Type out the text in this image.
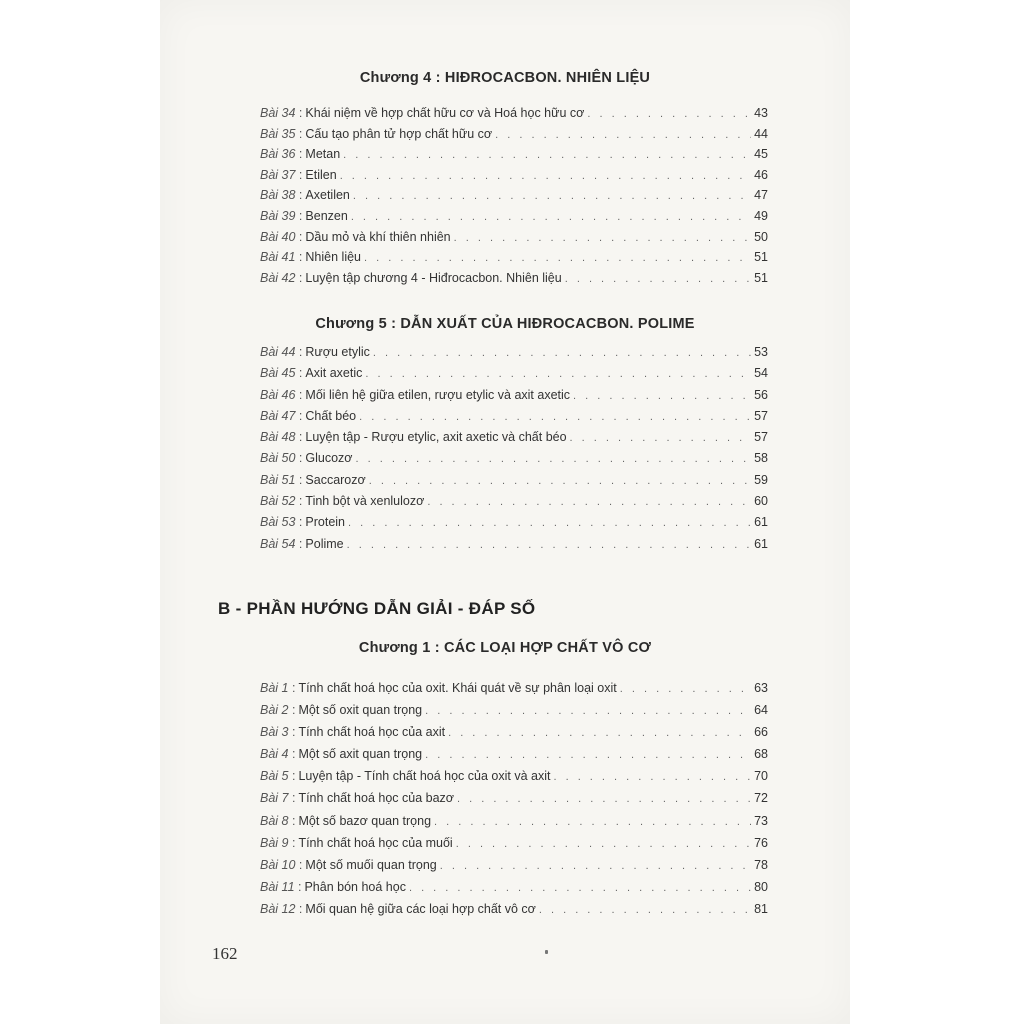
Chương 4 : HIĐROCACBON. NHIÊN LIỆU
Bài 34 : Khái niệm về hợp chất hữu cơ và Hoá học hữu cơ . . .	43
Bài 35 : Cấu tạo phân tử hợp chất hữu cơ . . .	44
Bài 36 : Metan . . .	45
Bài 37 : Etilen . . .	46
Bài 38 : Axetilen . . .	47
Bài 39 : Benzen . . .	49
Bài 40 : Dầu mỏ và khí thiên nhiên . . .	50
Bài 41 : Nhiên liệu . . .	51
Bài 42 : Luyện tập chương 4 - Hiđrocacbon. Nhiên liệu . . .	51
Chương 5 : DẪN XUẤT CỦA HIĐROCACBON. POLIME
Bài 44 : Rượu etylic . . .	53
Bài 45 : Axit axetic . . .	54
Bài 46 : Mối liên hệ giữa etilen, rượu etylic và axit axetic . . .	56
Bài 47 : Chất béo . . .	57
Bài 48 : Luyện tập - Rượu etylic, axit axetic và chất béo . . .	57
Bài 50 : Glucozơ . . .	58
Bài 51 : Saccarozơ . . .	59
Bài 52 : Tinh bột và xenlulozơ . . .	60
Bài 53 : Protein . . .	61
Bài 54 : Polime . . .	61
B - PHẦN HƯỚNG DẪN GIẢI - ĐÁP SỐ
Chương 1 : CÁC LOẠI HỢP CHẤT VÔ CƠ
Bài 1 : Tính chất hoá học của oxit. Khái quát về sự phân loại oxit . . .	63
Bài 2 : Một số oxit quan trọng . . .	64
Bài 3 : Tính chất hoá học của axit . . .	66
Bài 4 : Một số axit quan trọng . . .	68
Bài 5 : Luyện tập - Tính chất hoá học của oxit và axit . . .	70
Bài 7 : Tính chất hoá học của bazơ . . .	72
Bài 8 : Một số bazơ quan trọng . . .	73
Bài 9 : Tính chất hoá học của muối . . .	76
Bài 10 : Một số muối quan trọng . . .	78
Bài 11 : Phân bón hoá học . . .	80
Bài 12 : Mối quan hệ giữa các loại hợp chất vô cơ . . .	81
162
